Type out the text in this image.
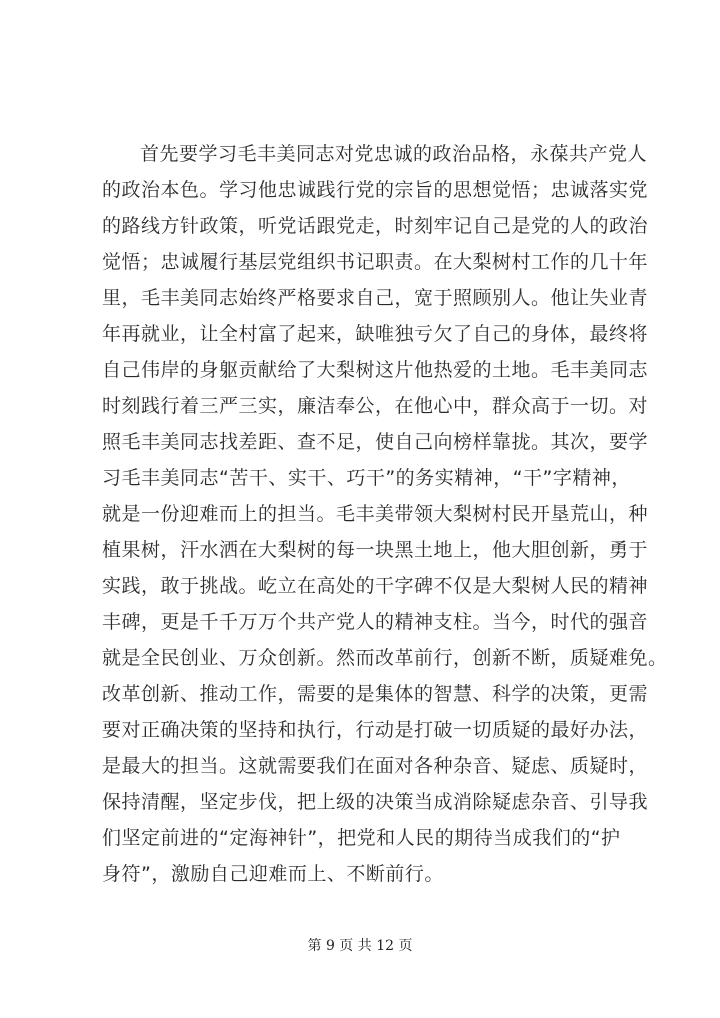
首先要学习毛丰美同志对党忠诚的政治品格，永葆共产党人
的政治本色。学习他忠诚践行党的宗旨的思想觉悟；忠诚落实党
的路线方针政策，听党话跟党走，时刻牢记自己是党的人的政治
觉悟；忠诚履行基层党组织书记职责。在大梨树村工作的几十年
里，毛丰美同志始终严格要求自己，宽于照顾别人。他让失业青
年再就业，让全村富了起来，缺唯独亏欠了自己的身体，最终将
自己伟岸的身躯贡献给了大梨树这片他热爱的土地。毛丰美同志
时刻践行着三严三实，廉洁奉公，在他心中，群众高于一切。对
照毛丰美同志找差距、查不足，使自己向榜样靠拢。其次，要学
习毛丰美同志“苦干、实干、巧干”的务实精神，“干”字精神，
就是一份迎难而上的担当。毛丰美带领大梨树村民开垦荒山，种
植果树，汗水洒在大梨树的每一块黑土地上，他大胆创新，勇于
实践，敢于挑战。屹立在高处的干字碑不仅是大梨树人民的精神
丰碑，更是千千万万个共产党人的精神支柱。当今，时代的强音
就是全民创业、万众创新。然而改革前行，创新不断，质疑难免。
改革创新、推动工作，需要的是集体的智慧、科学的决策，更需
要对正确决策的坚持和执行，行动是打破一切质疑的最好办法，
是最大的担当。这就需要我们在面对各种杂音、疑虑、质疑时，
保持清醒，坚定步伐，把上级的决策当成消除疑虑杂音、引导我
们坚定前进的“定海神针”，把党和人民的期待当成我们的“护
身符”，激励自己迎难而上、不断前行。
第 9 页 共 12 页
